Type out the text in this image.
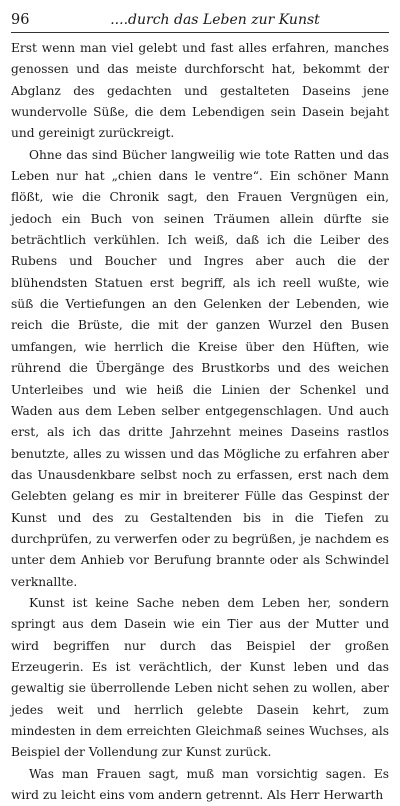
96	....durch das Leben zur Kunst

Erst wenn man viel gelebt und fast alles erfahren, manches genossen und das meiste durchforscht hat, bekommt der Abglanz des gedachten und gestalteten Daseins jene wundervolle Süße, die dem Lebendigen sein Dasein bejaht und gereinigt zurückreigt.

Ohne das sind Bücher langweilig wie tote Ratten und das Leben nur hat „chien dans le ventre“. Ein schöner Mann flößt, wie die Chronik sagt, den Frauen Vergnügen ein, jedoch ein Buch von seinen Träumen allein dürfte sie beträchtlich verkühlen. Ich weiß, daß ich die Leiber des Rubens und Boucher und Ingres aber auch die der blühendsten Statuen erst begriff, als ich reell wußte, wie süß die Vertiefungen an den Gelenken der Lebenden, wie reich die Brüste, die mit der ganzen Wurzel den Busen umfangen, wie herrlich die Kreise über den Hüften, wie rührend die Übergänge des Brustkorbs und des weichen Unterleibes und wie heiß die Linien der Schenkel und Waden aus dem Leben selber entgegenschlagen. Und auch erst, als ich das dritte Jahrzehnt meines Daseins rastlos benutzte, alles zu wissen und das Mögliche zu erfahren aber das Unausdenkbare selbst noch zu erfassen, erst nach dem Gelebten gelang es mir in breiterer Fülle das Gespinst der Kunst und des zu Gestaltenden bis in die Tiefen zu durchprüfen, zu verwerfen oder zu begrüßen, je nachdem es unter dem Anhieb vor Berufung brannte oder als Schwindel verknallte.

Kunst ist keine Sache neben dem Leben her, sondern springt aus dem Dasein wie ein Tier aus der Mutter und wird begriffen nur durch das Beispiel der großen Erzeugerin. Es ist verächtlich, der Kunst leben und das gewaltig sie überrollende Leben nicht sehen zu wollen, aber jedes weit und herrlich gelebte Dasein kehrt, zum mindesten in dem erreichten Gleichmaß seines Wuchses, als Beispiel der Vollendung zur Kunst zurück.

Was man Frauen sagt, muß man vorsichtig sagen. Es wird zu leicht eins vom andern getrennt. Als Herr Herwarth
